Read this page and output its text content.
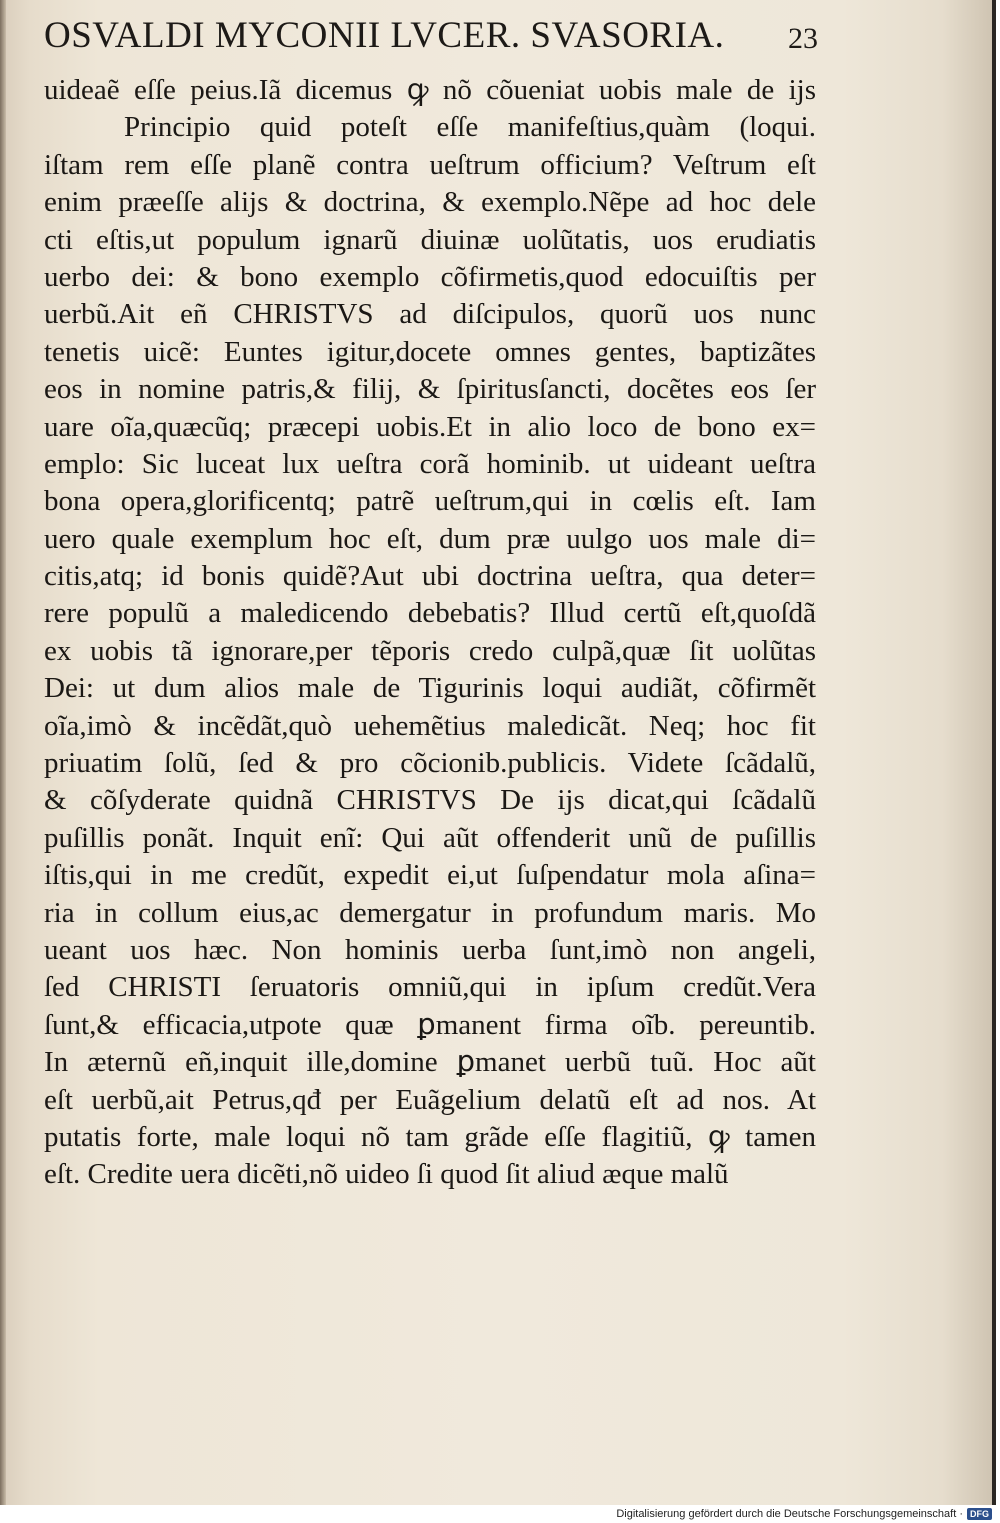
OSVALDI MYCONII LVCER. SVASORIA.	23
uideaẽ eſſe peius.Iã dicemus ꝙ nõ cõueniat uobis male de ijs
Principio quid poteſt eſſe manifeſtius,quàm (loqui.
iſtam rem eſſe planẽ contra ueſtrum officium? Veſtrum eſt
enim præeſſe alijs & doctrina, & exemplo.Nẽpe ad hoc dele
cti eſtis,ut populum ignarũ diuinæ uolũtatis, uos erudiatis
uerbo dei: & bono exemplo cõfirmetis,quod edocuiſtis per
uerbũ.Ait eñ CHRISTVS ad diſcipulos, quorũ uos nunc
tenetis uicẽ: Euntes igitur,docete omnes gentes, baptizãtes
eos in nomine patris,& filij, & ſpiritusſancti, docẽtes eos ſer
uare oĩa,quæcũq; præcepi uobis.Et in alio loco de bono ex=
emplo: Sic luceat lux ueſtra corã hominib. ut uideant ueſtra
bona opera,glorificentq; patrẽ ueſtrum,qui in cœlis eſt. Iam
uero quale exemplum hoc eſt, dum præ uulgo uos male di=
citis,atq; id bonis quidẽ?Aut ubi doctrina ueſtra, qua deter=
rere populũ a maledicendo debebatis? Illud certũ eſt,quoſdã
ex uobis tã ignorare,per tẽporis credo culpã,quæ ſit uolũtas
Dei: ut dum alios male de Tigurinis loqui audiãt, cõfirmẽt
oĩa,imò & incẽdãt,quò uehemẽtius maledicãt. Neq; hoc fit
priuatim ſolũ, ſed & pro cõcionib.publicis. Videte ſcãdalũ,
& cõſyderate quidnã CHRISTVS De ijs dicat,qui ſcãdalũ
puſillis ponãt. Inquit enĩ: Qui aũt offenderit unũ de puſillis
iſtis,qui in me credũt, expedit ei,ut ſuſpendatur mola aſina=
ria in collum eius,ac demergatur in profundum maris. Mo
ueant uos hæc. Non hominis uerba ſunt,imò non angeli,
ſed CHRISTI ſeruatoris omniũ,qui in ipſum credũt.Vera
ſunt,& efficacia,utpote quæ ꝑmanent firma oĩb. pereuntib.
In æternũ eñ,inquit ille,domine ꝑmanet uerbũ tuũ. Hoc aũt
eſt uerbũ,ait Petrus,qđ per Euãgelium delatũ eſt ad nos. At
putatis forte, male loqui nõ tam grãde eſſe flagitiũ, ꝙ tamen
eſt. Credite uera dicẽti,nõ uideo ſi quod ſit aliud æque malũ
Digitalisierung gefördert durch die Deutsche Forschungsgemeinschaft · DFG
